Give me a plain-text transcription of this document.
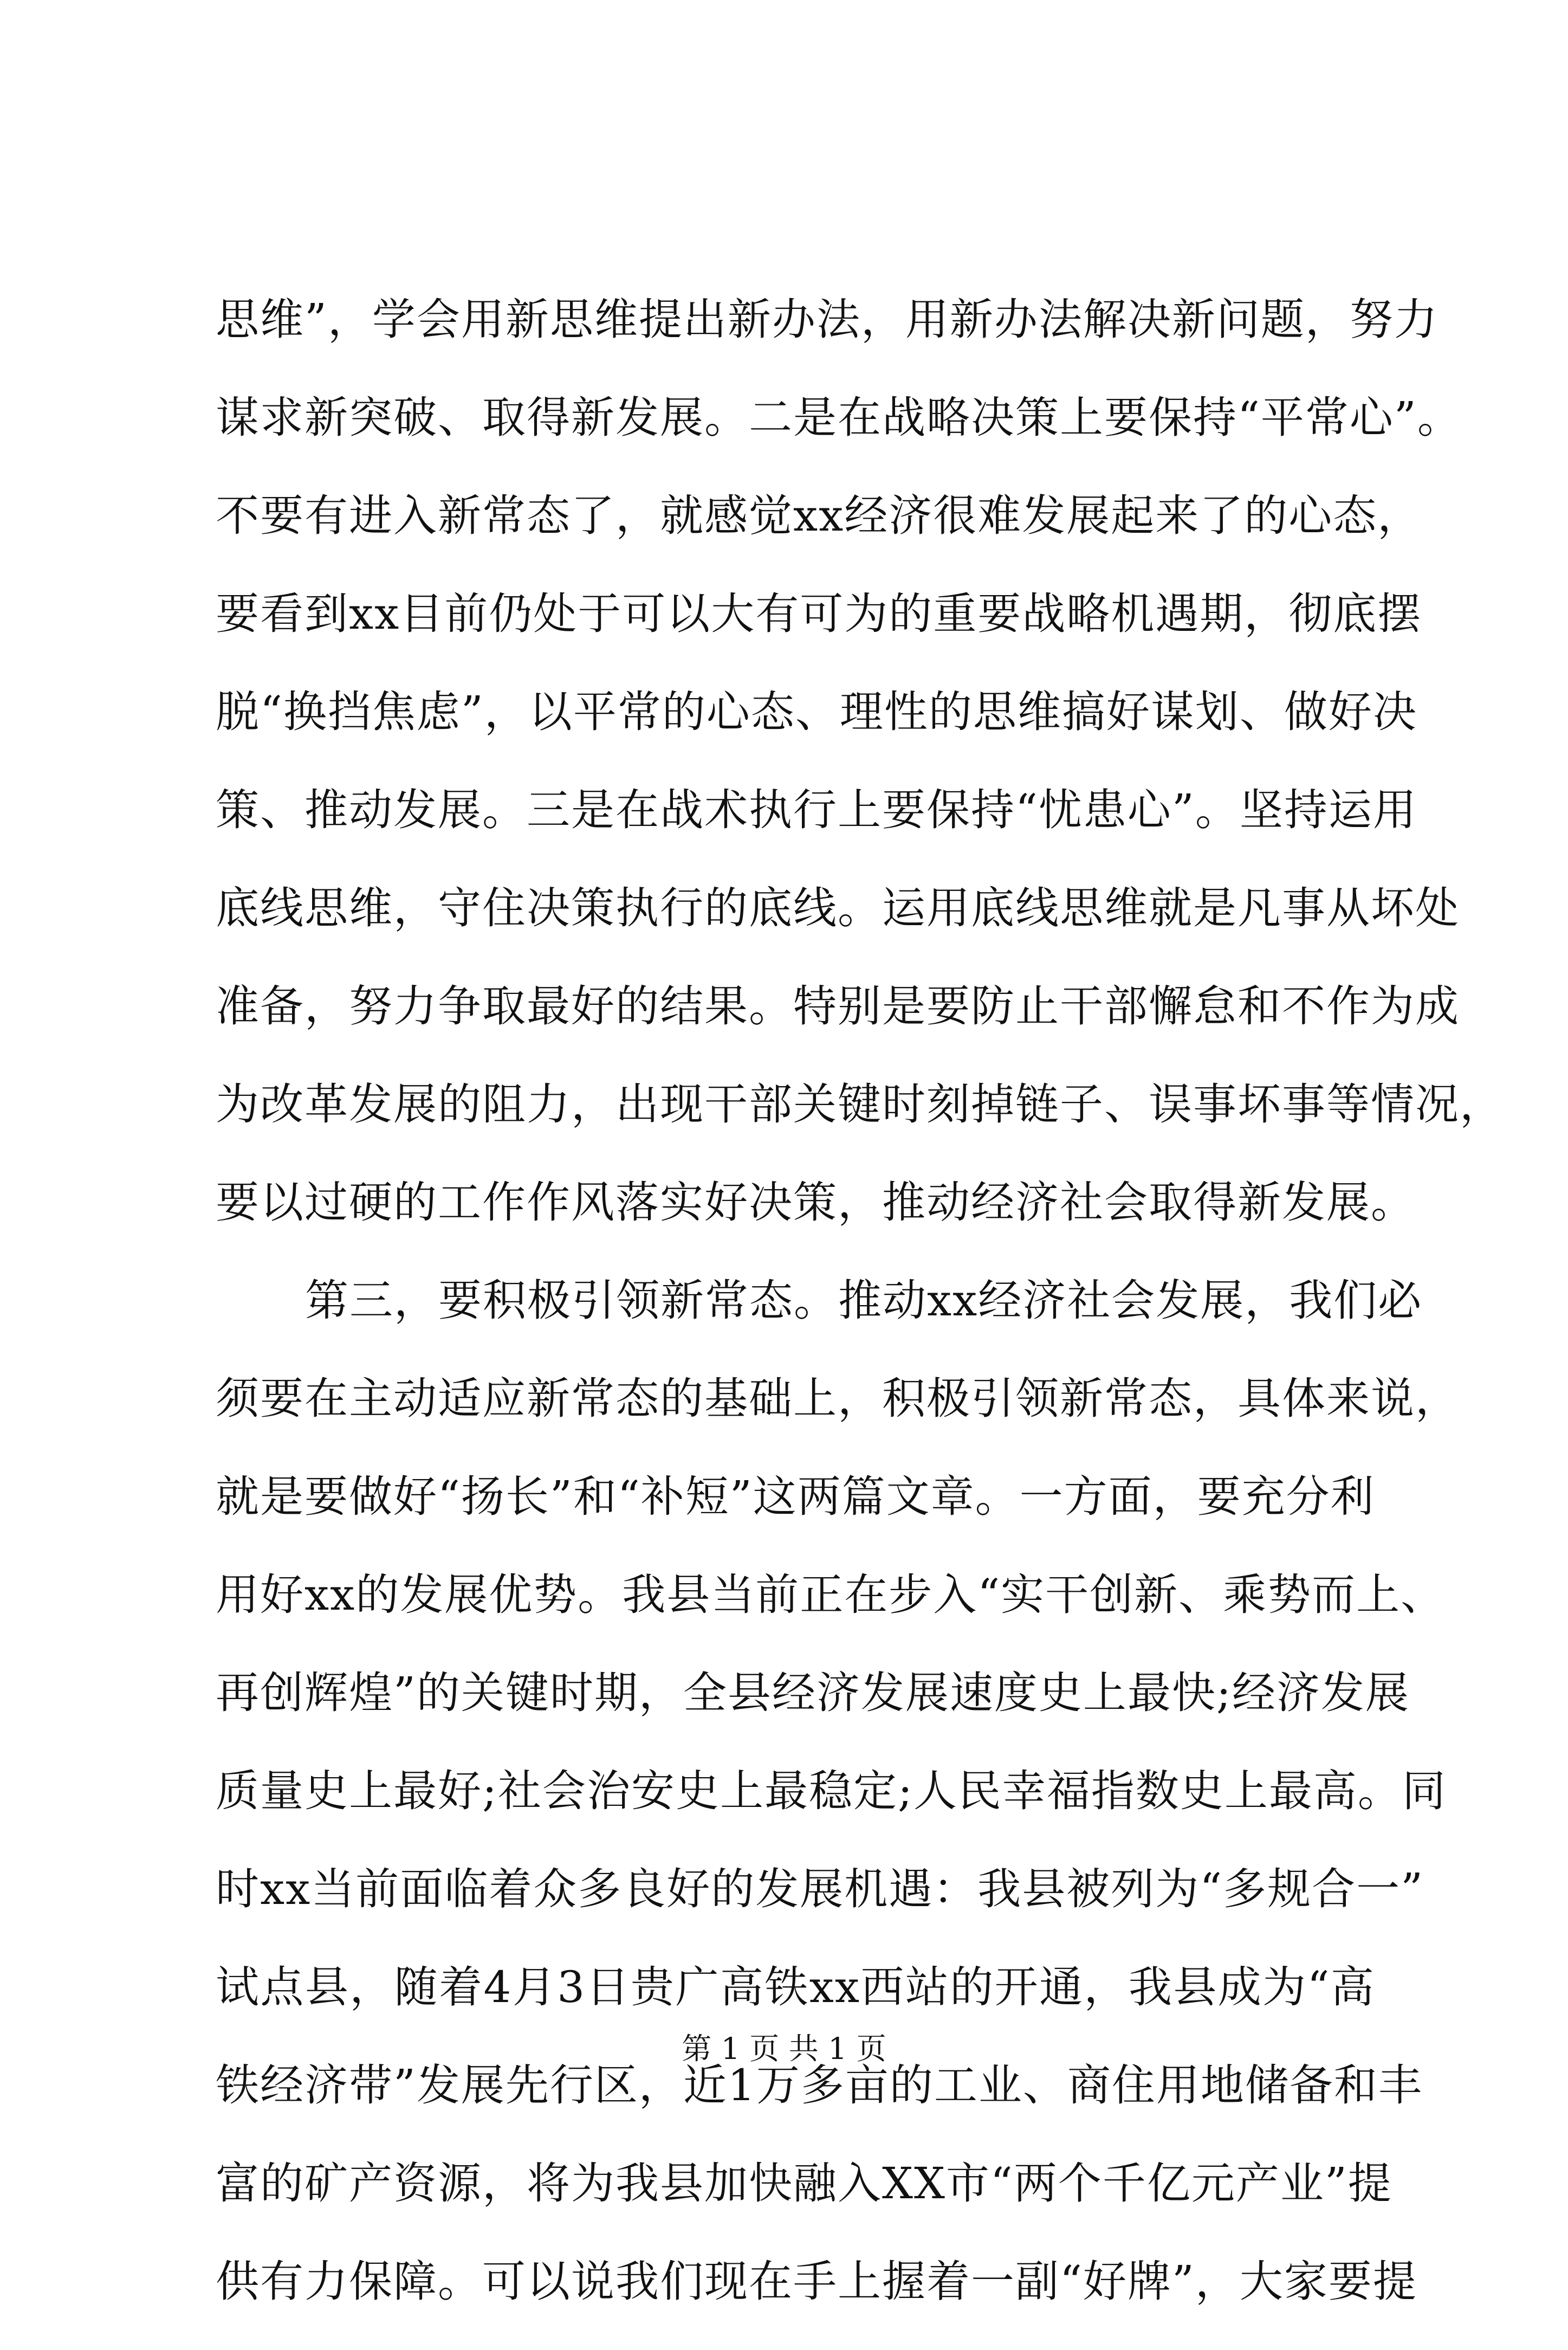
思 维 ” ， 学 会 用 新 思 维 提 出 新 办 法 ， 用 新 办 法 解 决 新 问 题 ， 努 力
谋 求 新 突 破 、 取 得 新 发 展 。 二 是 在 战 略 决 策 上 要 保 持 “ 平 常 心 ” 。
不 要 有 进 入 新 常 态 了 ， 就 感 觉 xx 经 济 很 难 发 展 起 来 了 的 心 态 ，
要 看 到 xx 目 前 仍 处 于 可 以 大 有 可 为 的 重 要 战 略 机 遇 期 ， 彻 底 摆
脱 “ 换 挡 焦 虑 ” ， 以 平 常 的 心 态 、 理 性 的 思 维 搞 好 谋 划 、 做 好 决
策 、 推 动 发 展 。 三 是 在 战 术 执 行 上 要 保 持 “ 忧 患 心 ” 。 坚 持 运 用
底 线 思 维 ， 守 住 决 策 执 行 的 底 线 。 运 用 底 线 思 维 就 是 凡 事 从 坏 处
准 备 ， 努 力 争 取 最 好 的 结 果 。 特 别 是 要 防 止 干 部 懈 怠 和 不 作 为 成
为 改 革 发 展 的 阻 力 ， 出 现 干 部 关 键 时 刻 掉 链 子 、 误 事 坏 事 等 情 况 ，
要以过硬的工作作风落实好决策，推动经济社会取得新发展。
第 三 ， 要 积 极 引 领 新 常 态 。 推 动 xx 经 济 社 会 发 展 ， 我 们 必
须 要 在 主 动 适 应 新 常 态 的 基 础 上 ， 积 极 引 领 新 常 态 ， 具 体 来 说 ，
就 是 要 做 好 “ 扬 长 ” 和 “ 补 短 ” 这 两 篇 文 章 。 一 方 面 ， 要 充 分 利
用 好 xx 的 发 展 优 势 。 我 县 当 前 正 在 步 入 “ 实 干 创 新 、 乘 势 而 上 、
再 创 辉 煌 ” 的 关 键 时 期 ， 全 县 经 济 发 展 速 度 史 上 最 快 ; 经 济 发 展
质 量 史 上 最 好 ; 社 会 治 安 史 上 最 稳 定 ; 人 民 幸 福 指 数 史 上 最 高 。 同
时 xx 当 前 面 临 着 众 多 良 好 的 发 展 机 遇 ： 我 县 被 列 为 “ 多 规 合 一 ”
试 点 县 ， 随 着 4 月 3 日 贵 广 高 铁 xx 西 站 的 开 通 ， 我 县 成 为 “ 高
铁 经 济 带 ” 发 展 先 行 区 ， 近 1 万 多 亩 的 工 业 、 商 住 用 地 储 备 和 丰
富 的 矿 产 资 源 ， 将 为 我 县 加 快 融 入 XX 市 “ 两 个 千 亿 元 产 业 ” 提
供 有 力 保 障 。 可 以 说 我 们 现 在 手 上 握 着 一 副 “ 好 牌 ” ， 大 家 要 提
第 1 页 共 1 页
